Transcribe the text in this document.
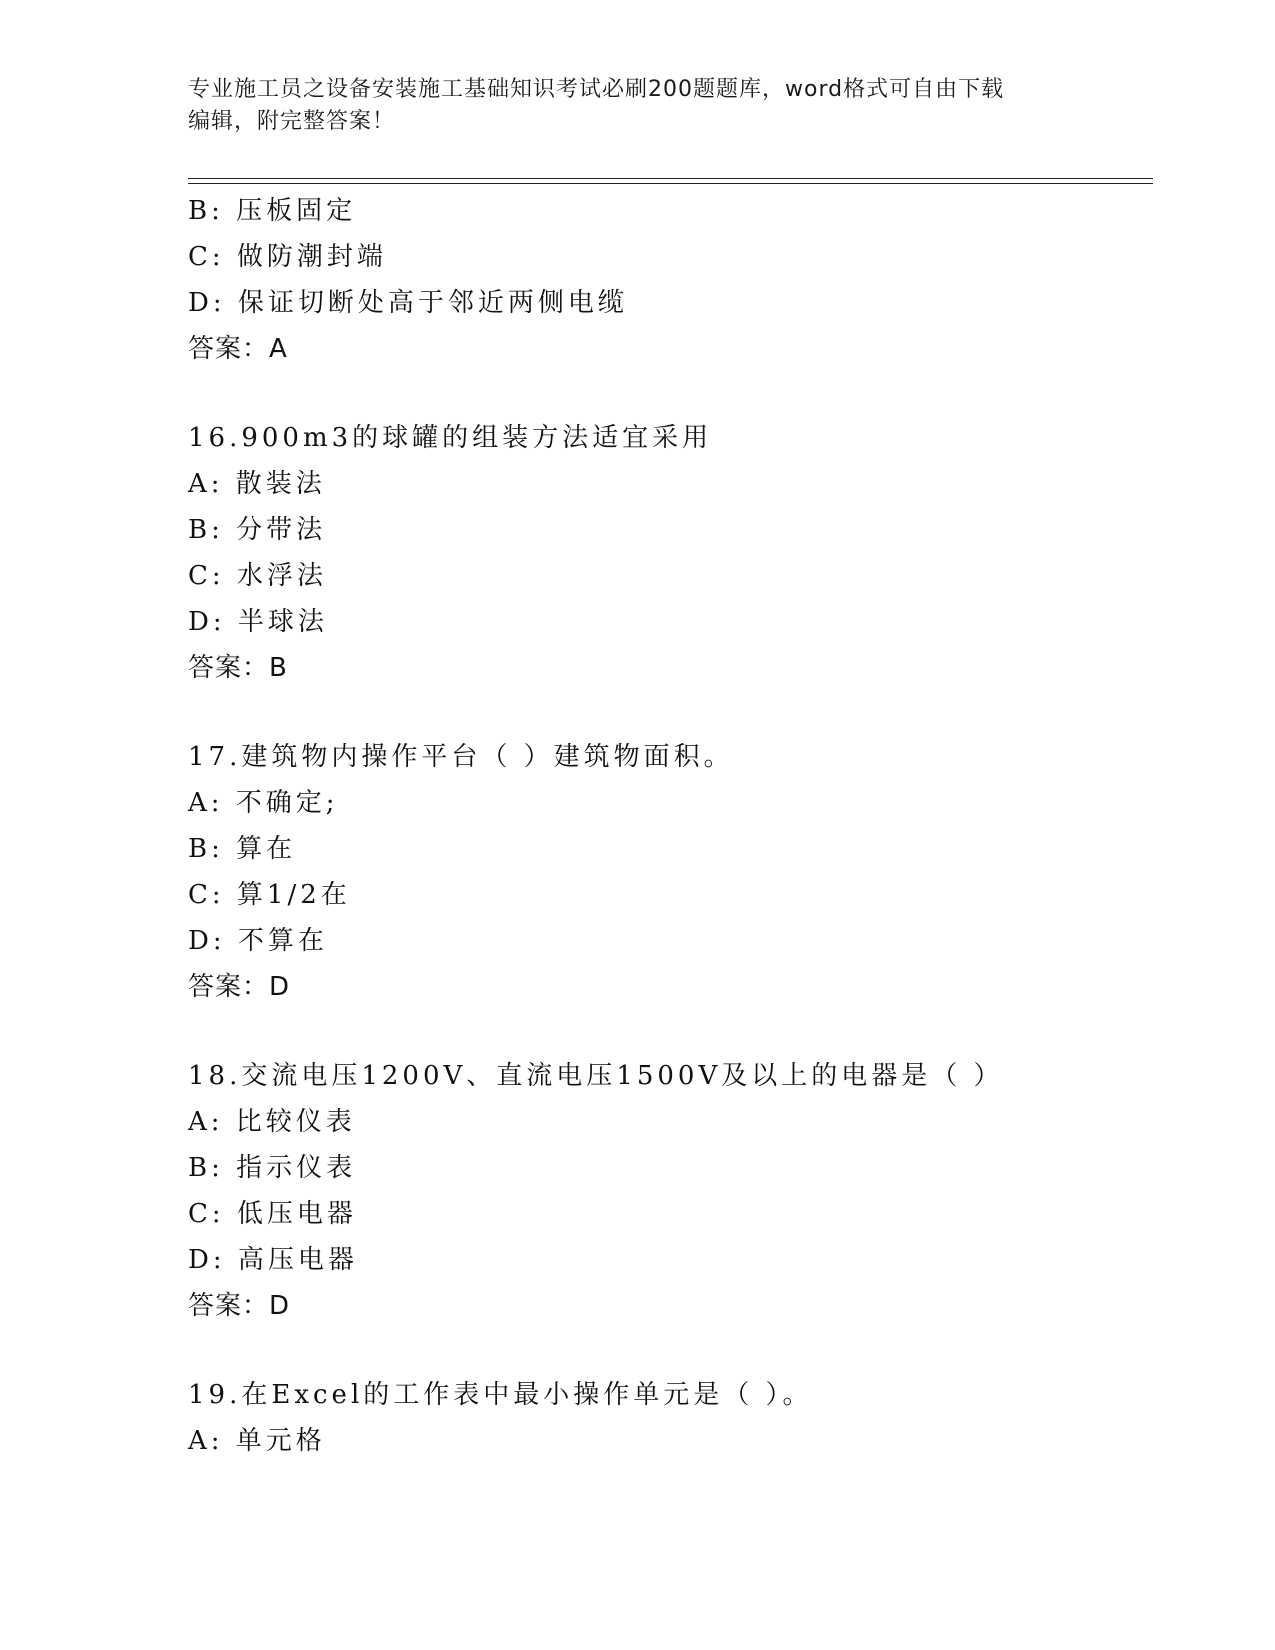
专业施工员之设备安装施工基础知识考试必刷200题题库，word格式可自由下载
编辑，附完整答案！
B: 压板固定
C: 做防潮封端
D: 保证切断处高于邻近两侧电缆
答案：A
16.900m3的球罐的组装方法适宜采用
A: 散装法
B: 分带法
C: 水浮法
D: 半球法
答案：B
17.建筑物内操作平台（ ）建筑物面积。
A: 不确定;
B: 算在
C: 算1/2在
D: 不算在
答案：D
18.交流电压1200V、直流电压1500V及以上的电器是（ ）
A: 比较仪表
B: 指示仪表
C: 低压电器
D: 高压电器
答案：D
19.在Excel的工作表中最小操作单元是（ ）。
A: 单元格
